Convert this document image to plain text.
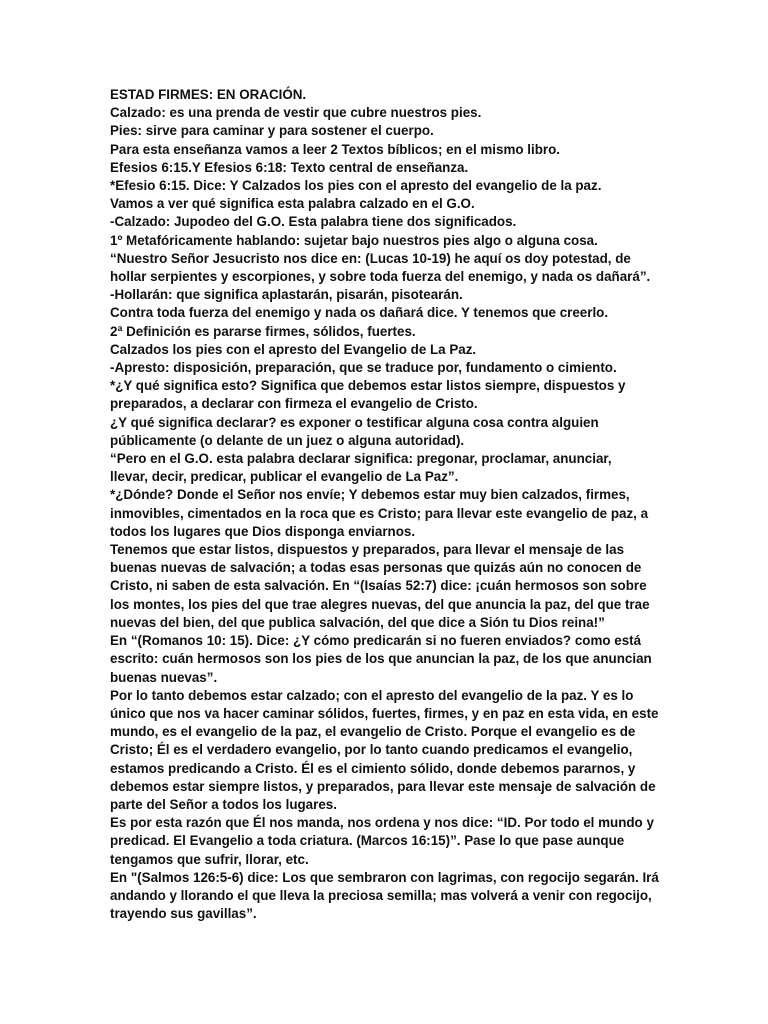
ESTAD FIRMES: EN ORACIÓN.
Calzado: es una prenda de vestir que cubre nuestros pies.
Pies: sirve para caminar y para sostener el cuerpo.
Para esta enseñanza vamos a leer 2 Textos bíblicos; en el mismo libro.
Efesios 6:15.Y Efesios 6:18: Texto central de enseñanza.
*Efesio 6:15. Dice: Y Calzados los pies con el apresto del evangelio de la paz.
Vamos a ver qué significa esta palabra calzado en el G.O.
-Calzado: Jupodeo del G.O. Esta palabra tiene dos significados.
1º Metafóricamente hablando: sujetar bajo nuestros pies algo o alguna cosa.
“Nuestro Señor Jesucristo nos dice en: (Lucas 10-19) he aquí os doy potestad, de
hollar serpientes y escorpiones, y sobre toda fuerza del enemigo, y nada os dañará”.
-Hollarán: que significa aplastarán, pisarán, pisotearán.
Contra toda fuerza del enemigo y nada os dañará dice. Y tenemos que creerlo.
2ª Definición es pararse firmes, sólidos, fuertes.
Calzados los pies con el apresto del Evangelio de La Paz.
-Apresto: disposición, preparación, que se traduce por, fundamento o cimiento.
*¿Y qué significa esto? Significa que debemos estar listos siempre, dispuestos y
preparados, a declarar con firmeza el evangelio de Cristo.
¿Y qué significa declarar? es exponer o testificar alguna cosa contra alguien
públicamente (o delante de un juez o alguna autoridad).
“Pero en el G.O. esta palabra declarar significa: pregonar, proclamar, anunciar,
llevar, decir, predicar, publicar el evangelio de La Paz”.
*¿Dónde? Donde el Señor nos envíe; Y debemos estar muy bien calzados, firmes,
inmovibles, cimentados en la roca que es Cristo; para llevar este evangelio de paz, a
todos los lugares que Dios disponga enviarnos.
Tenemos que estar listos, dispuestos y preparados, para llevar el mensaje de las
buenas nuevas de salvación; a todas esas personas que quizás aún no conocen de
Cristo, ni saben de esta salvación. En “(Isaías 52:7) dice: ¡cuán hermosos son sobre
los montes, los pies del que trae alegres nuevas, del que anuncia la paz, del que trae
nuevas del bien, del que publica salvación, del que dice a Sión tu Dios reina!”
En “(Romanos 10: 15). Dice: ¿Y cómo predicarán si no fueren enviados? como está
escrito: cuán hermosos son los pies de los que anuncian la paz, de los que anuncian
buenas nuevas”.
Por lo tanto debemos estar calzado; con el apresto del evangelio de la paz. Y es lo
único que nos va hacer caminar sólidos, fuertes, firmes, y en paz en esta vida, en este
mundo, es el evangelio de la paz, el evangelio de Cristo. Porque el evangelio es de
Cristo; Él es el verdadero evangelio, por lo tanto cuando predicamos el evangelio,
estamos predicando a Cristo. Él es el cimiento sólido, donde debemos pararnos, y
debemos estar siempre listos, y preparados, para llevar este mensaje de salvación de
parte del Señor a todos los lugares.
Es por esta razón que Él nos manda, nos ordena y nos dice: “ID. Por todo el mundo y
predicad. El Evangelio a toda criatura. (Marcos 16:15)”. Pase lo que pase aunque
tengamos que sufrir, llorar, etc.
En "(Salmos 126:5-6) dice: Los que sembraron con lagrimas, con regocijo segarán. Irá
andando y llorando el que lleva la preciosa semilla; mas volverá a venir con regocijo,
trayendo sus gavillas”.
